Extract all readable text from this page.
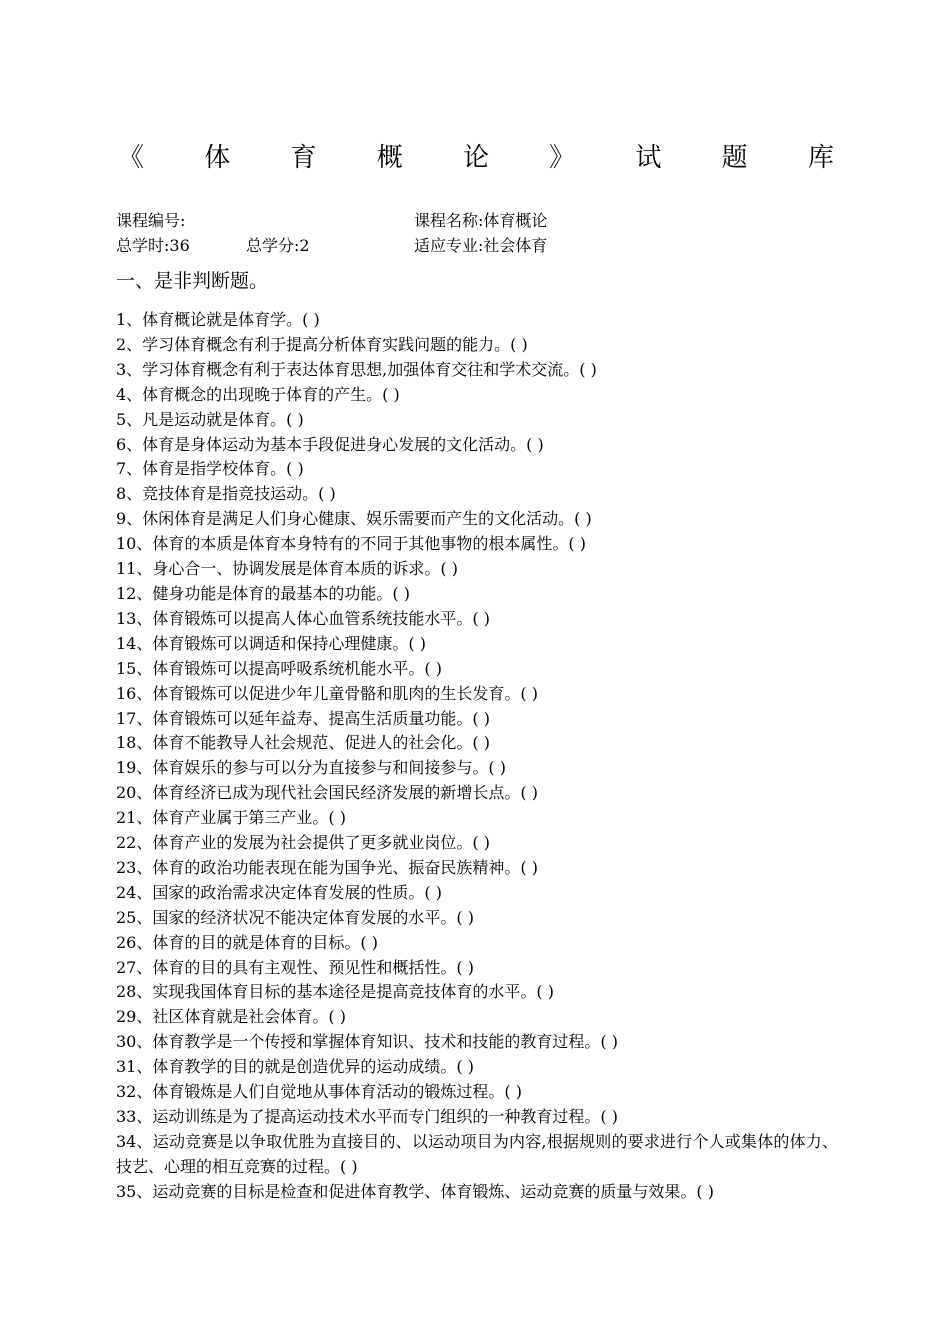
《 体 育 概 论 》 试 题 库
课程编号:	课程名称:体育概论
总学时:36	总学分:2	适应专业:社会体育
一、是非判断题。
1、体育概论就是体育学。( )
2、学习体育概念有利于提高分析体育实践问题的能力。( )
3、学习体育概念有利于表达体育思想,加强体育交往和学术交流。( )
4、体育概念的出现晚于体育的产生。( )
5、凡是运动就是体育。( )
6、体育是身体运动为基本手段促进身心发展的文化活动。( )
7、体育是指学校体育。( )
8、竞技体育是指竞技运动。( )
9、休闲体育是满足人们身心健康、娱乐需要而产生的文化活动。( )
10、体育的本质是体育本身特有的不同于其他事物的根本属性。( )
11、身心合一、协调发展是体育本质的诉求。( )
12、健身功能是体育的最基本的功能。( )
13、体育锻炼可以提高人体心血管系统技能水平。( )
14、体育锻炼可以调适和保持心理健康。( )
15、体育锻炼可以提高呼吸系统机能水平。( )
16、体育锻炼可以促进少年儿童骨骼和肌肉的生长发育。( )
17、体育锻炼可以延年益寿、提高生活质量功能。( )
18、体育不能教导人社会规范、促进人的社会化。( )
19、体育娱乐的参与可以分为直接参与和间接参与。( )
20、体育经济已成为现代社会国民经济发展的新增长点。( )
21、体育产业属于第三产业。( )
22、体育产业的发展为社会提供了更多就业岗位。( )
23、体育的政治功能表现在能为国争光、振奋民族精神。( )
24、国家的政治需求决定体育发展的性质。( )
25、国家的经济状况不能决定体育发展的水平。( )
26、体育的目的就是体育的目标。( )
27、体育的目的具有主观性、预见性和概括性。( )
28、实现我国体育目标的基本途径是提高竞技体育的水平。( )
29、社区体育就是社会体育。( )
30、体育教学是一个传授和掌握体育知识、技术和技能的教育过程。( )
31、体育教学的目的就是创造优异的运动成绩。( )
32、体育锻炼是人们自觉地从事体育活动的锻炼过程。( )
33、运动训练是为了提高运动技术水平而专门组织的一种教育过程。( )
34、运动竞赛是以争取优胜为直接目的、以运动项目为内容,根据规则的要求进行个人或集体的体力、技艺、心理的相互竞赛的过程。( )
35、运动竞赛的目标是检查和促进体育教学、体育锻炼、运动竞赛的质量与效果。( )
